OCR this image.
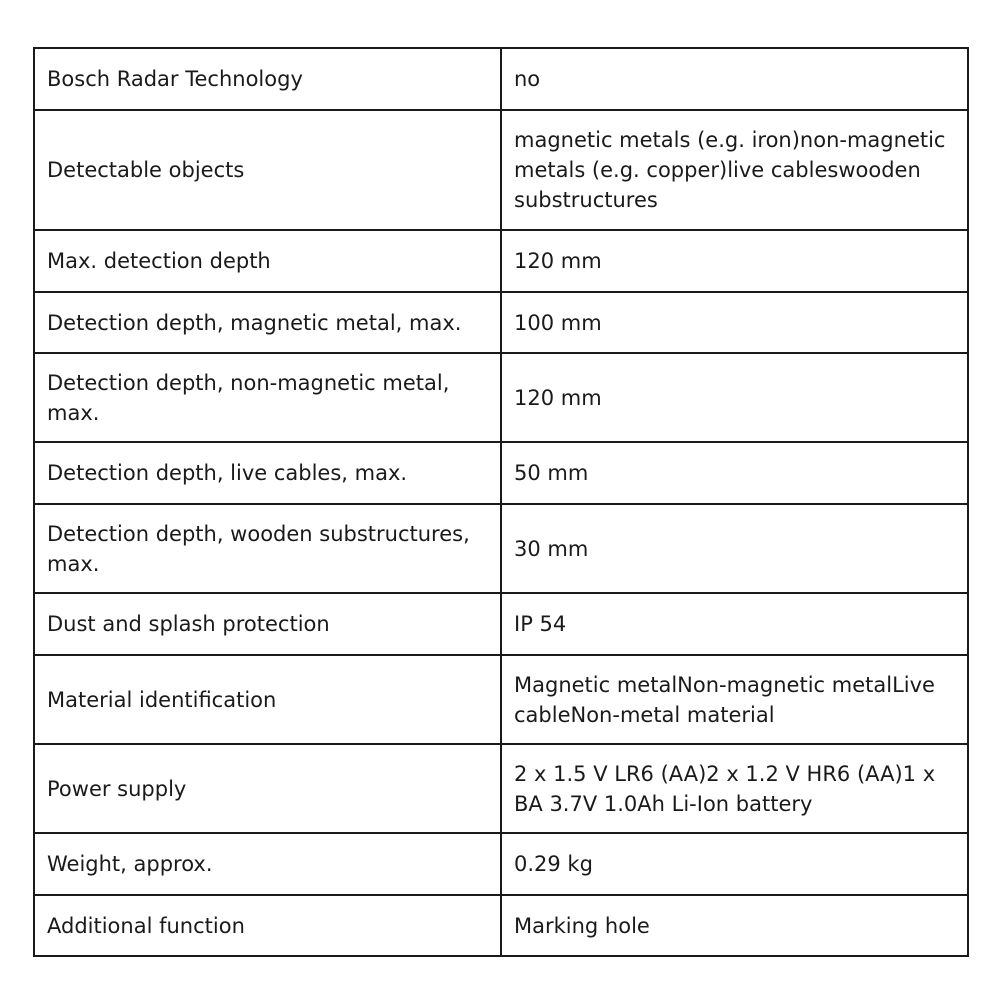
Bosch Radar Technology	no
Detectable objects	magnetic metals (e.g. iron)non-magnetic metals (e.g. copper)live cableswooden substructures
Max. detection depth	120 mm
Detection depth, magnetic metal, max.	100 mm
Detection depth, non-magnetic metal, max.	120 mm
Detection depth, live cables, max.	50 mm
Detection depth, wooden substructures, max.	30 mm
Dust and splash protection	IP 54
Material identification	Magnetic metalNon-magnetic metalLive cableNon-metal material
Power supply	2 x 1.5 V LR6 (AA)2 x 1.2 V HR6 (AA)1 x BA 3.7V 1.0Ah Li-Ion battery
Weight, approx.	0.29 kg
Additional function	Marking hole
